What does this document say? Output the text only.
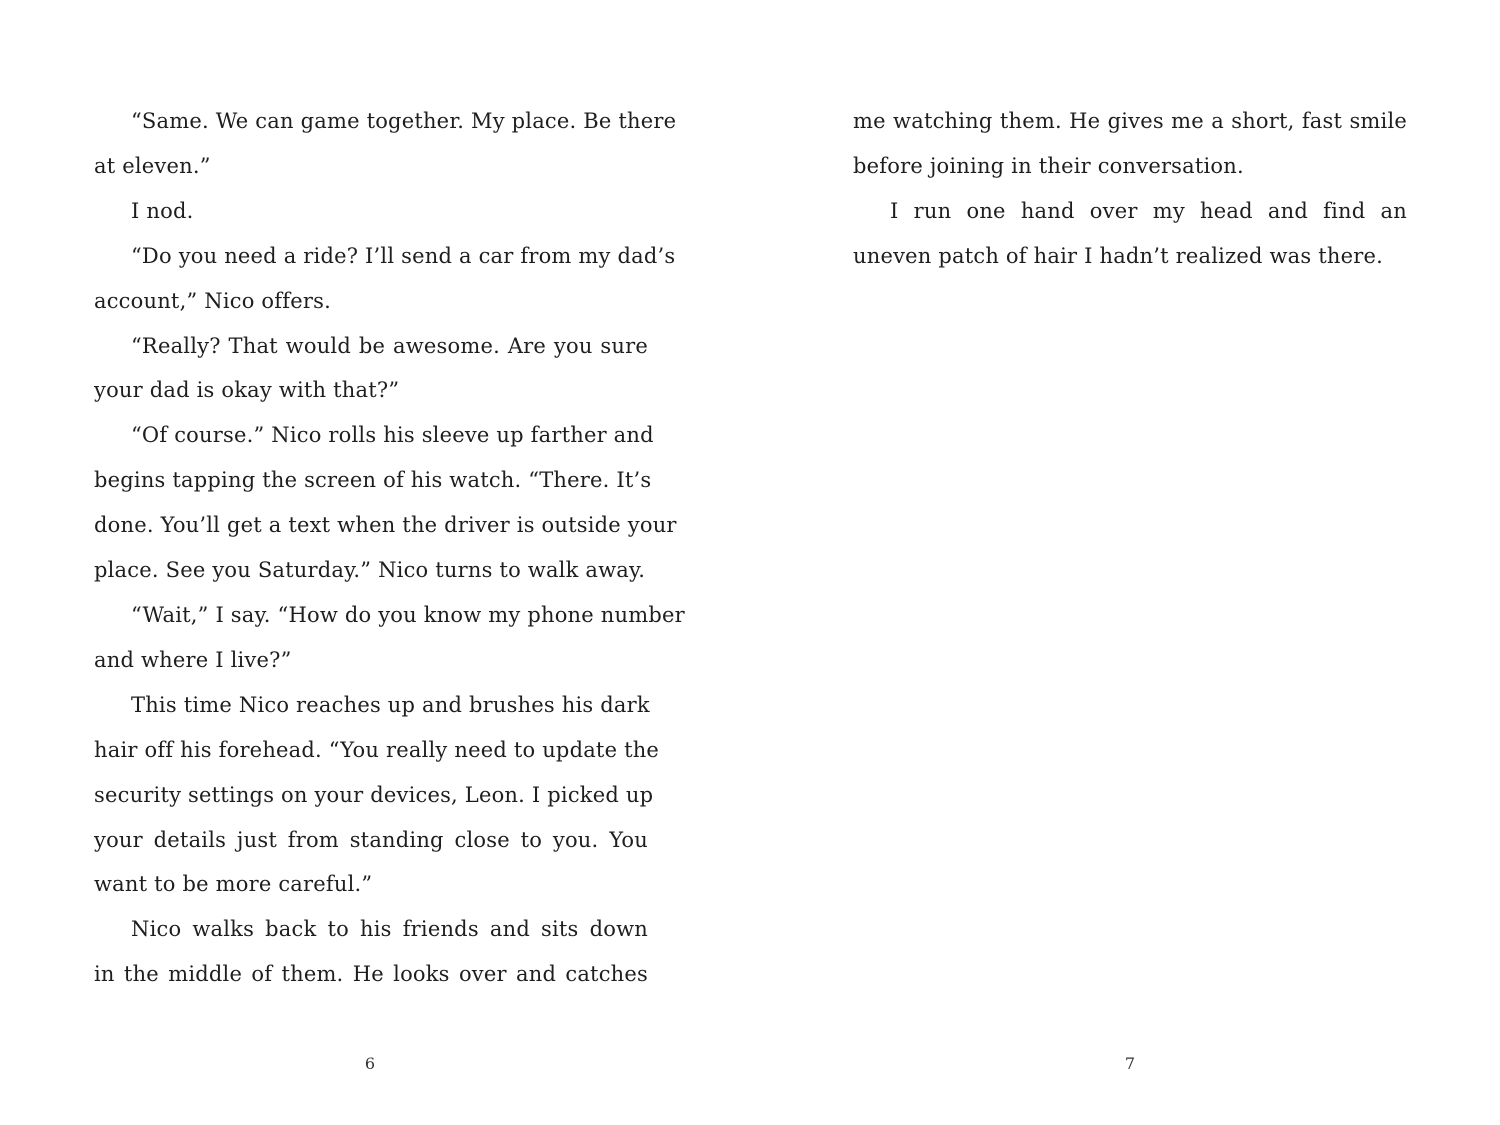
“Same. We can game together. My place. Be there
at eleven.”
I nod.
“Do you need a ride? I’ll send a car from my dad’s
account,” Nico offers.
“Really? That would be awesome. Are you sure
your dad is okay with that?”
“Of course.” Nico rolls his sleeve up farther and
begins tapping the screen of his watch. “There. It’s
done. You’ll get a text when the driver is outside your
place. See you Saturday.” Nico turns to walk away.
“Wait,” I say. “How do you know my phone number
and where I live?”
This time Nico reaches up and brushes his dark
hair off his forehead. “You really need to update the
security settings on your devices, Leon. I picked up
your details just from standing close to you. You
want to be more careful.”
Nico walks back to his friends and sits down
in the middle of them. He looks over and catches
6
me watching them. He gives me a short, fast smile
before joining in their conversation.
I run one hand over my head and find an
uneven patch of hair I hadn’t realized was there.
7
